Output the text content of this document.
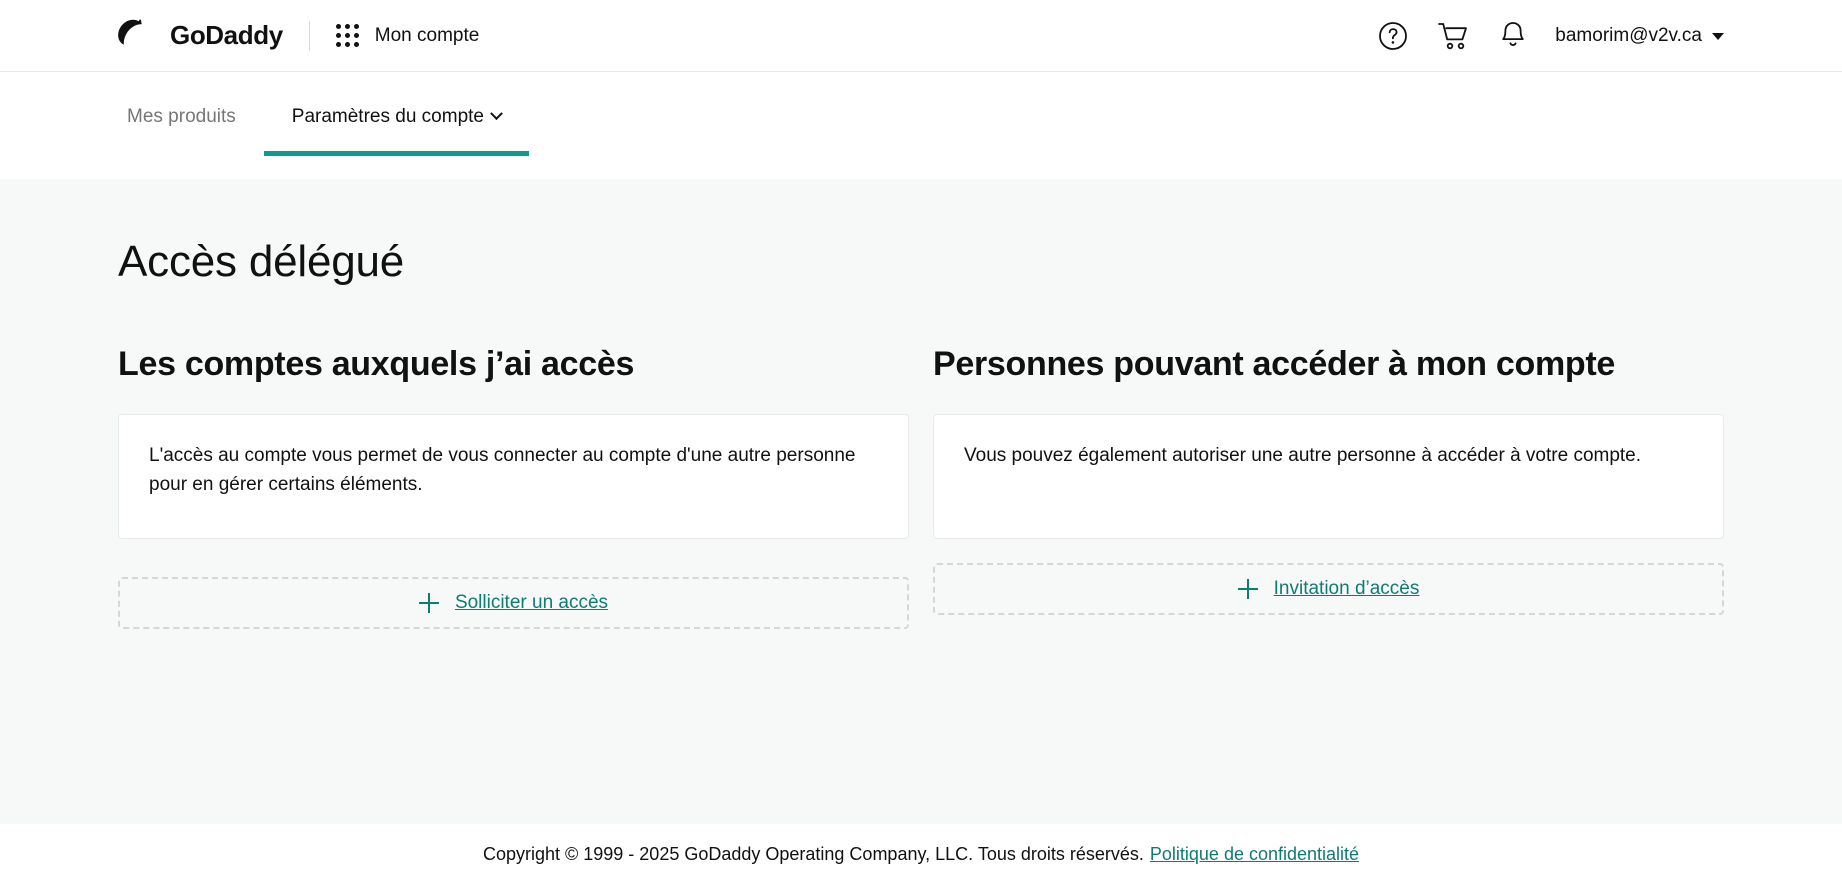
GoDaddy	Mon compte	bamorim@v2v.ca
Mes produits	Paramètres du compte
Accès délégué
Les comptes auxquels j’ai accès
L'accès au compte vous permet de vous connecter au compte d'une autre personne pour en gérer certains éléments.
Solliciter un accès
Personnes pouvant accéder à mon compte
Vous pouvez également autoriser une autre personne à accéder à votre compte.
Invitation d’accès
Copyright © 1999 - 2025 GoDaddy Operating Company, LLC. Tous droits réservés. Politique de confidentialité
